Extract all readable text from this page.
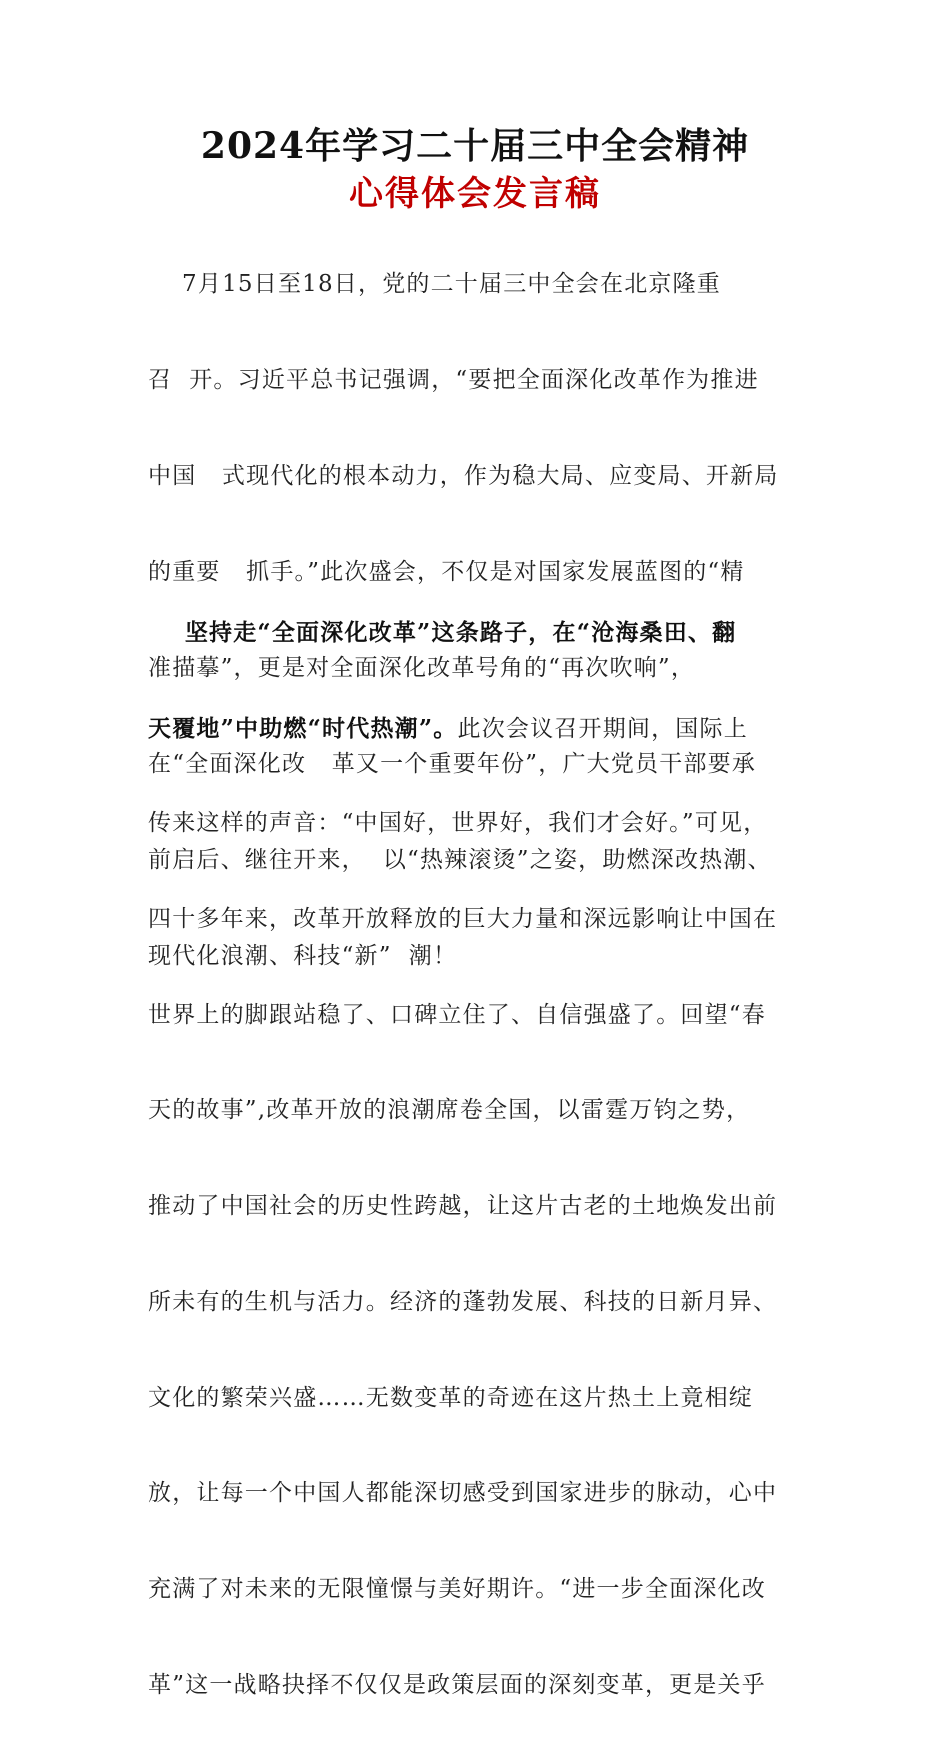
2024年学习二十届三中全会精神
心得体会发言稿

7月15日至18日，党的二十届三中全会在北京隆重

召  开。习近平总书记强调，“要把全面深化改革作为推进

中国   式现代化的根本动力，作为稳大局、应变局、开新局

的重要   抓手。”此次盛会，不仅是对国家发展蓝图的“精

准描摹”，更是对全面深化改革号角的“再次吹响”，

在“全面深化改   革又一个重要年份”，广大党员干部要承

前启后、继往开来，  以“热辣滚烫”之姿，助燃深改热潮、

现代化浪潮、科技“新”  潮！

坚持走“全面深化改革”这条路子，在“沧海桑田、翻

天覆地”中助燃“时代热潮”。此次会议召开期间，国际上

传来这样的声音：“中国好，世界好，我们才会好。”可见，

四十多年来，改革开放释放的巨大力量和深远影响让中国在

世界上的脚跟站稳了、口碑立住了、自信强盛了。回望“春

天的故事”,改革开放的浪潮席卷全国，以雷霆万钧之势，

推动了中国社会的历史性跨越，让这片古老的土地焕发出前

所未有的生机与活力。经济的蓬勃发展、科技的日新月异、

文化的繁荣兴盛……无数变革的奇迹在这片热土上竟相绽

放，让每一个中国人都能深切感受到国家进步的脉动，心中

充满了对未来的无限憧憬与美好期许。“进一步全面深化改

革”这一战略抉择不仅仅是政策层面的深刻变革，更是关乎
